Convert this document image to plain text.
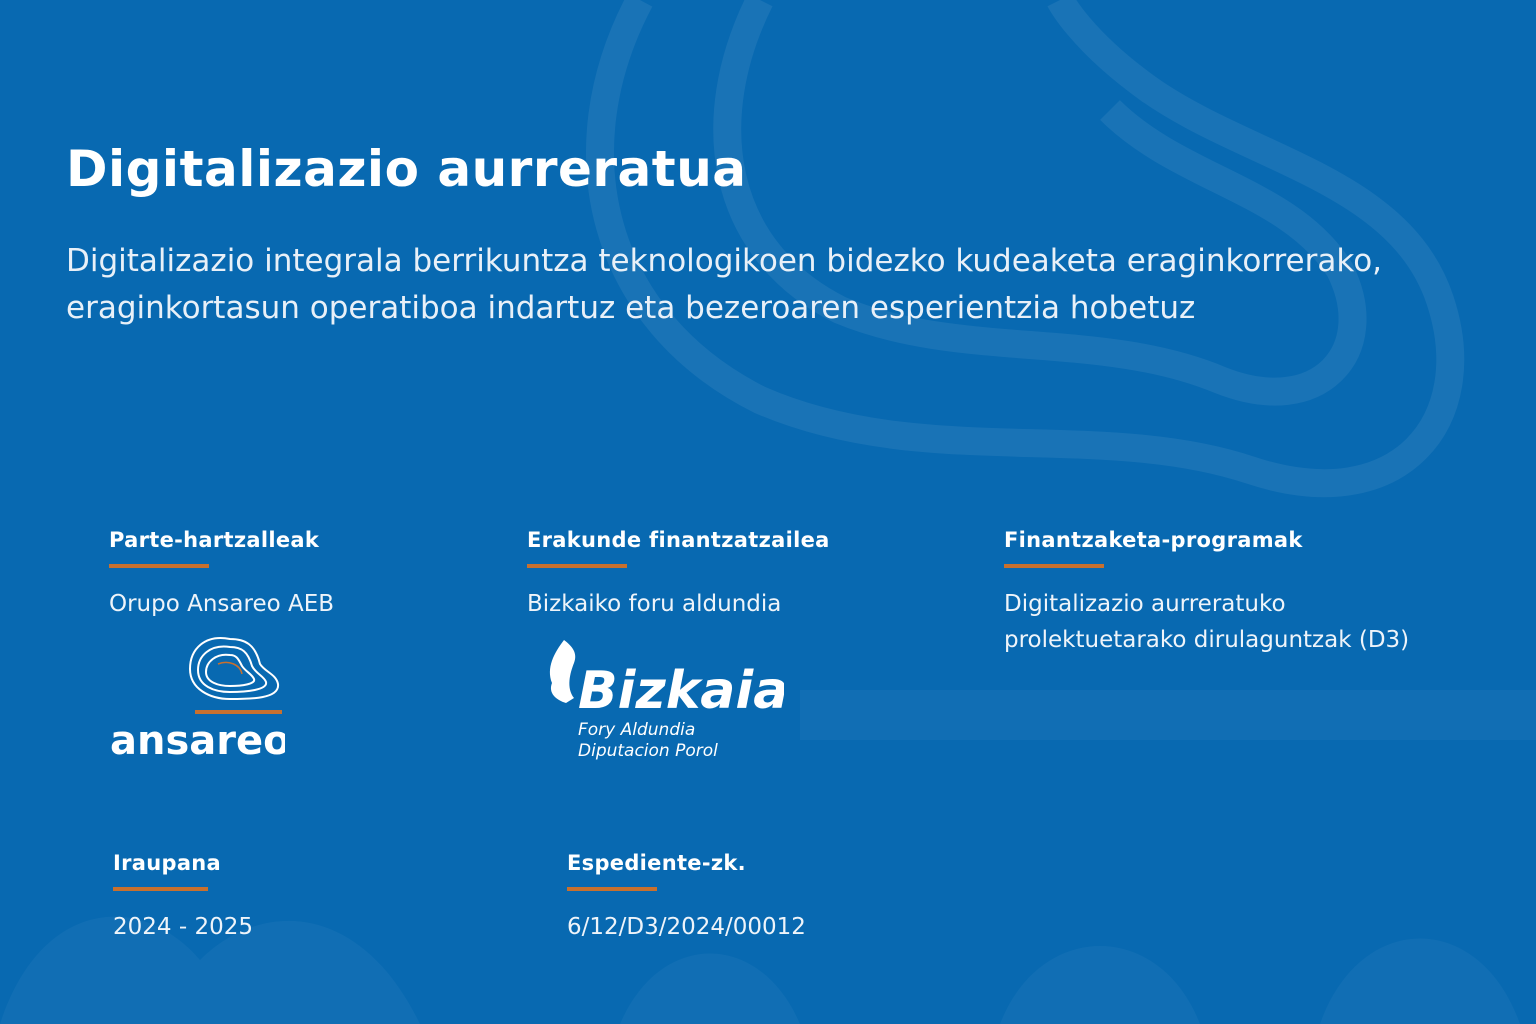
Digitalizazio aurreratua

Digitalizazio integrala berrikuntza teknologikoen bidezko kudeaketa eraginkorrerako, eraginkortasun operatiboa indartuz eta bezeroaren esperientzia hobetuz

Parte-hartzalleak
Orupo Ansareo AEB
ansareo
Erakunde finantzatzailea
Bizkaiko foru aldundia
Bizkaia
Fory Aldundia
Diputacion Porol
Finantzaketa-programak
Digitalizazio aurreratuko prolektuetarako dirulaguntzak (D3)
Iraupana
2024 - 2025
Espediente-zk.
6/12/D3/2024/00012
